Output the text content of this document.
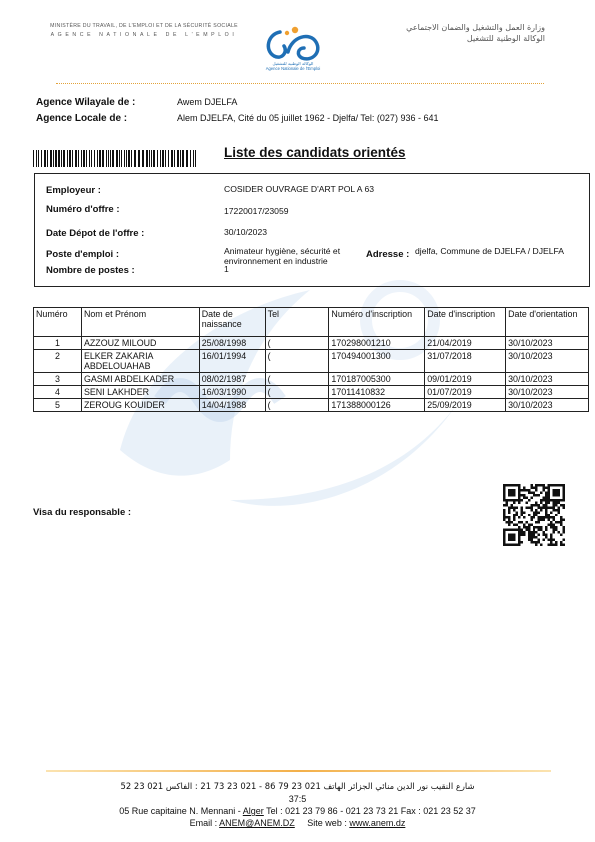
MINISTÈRE DU TRAVAIL, DE L'EMPLOI ET DE LA SÉCURITÉ SOCIALE
AGENCE NATIONALE DE L'EMPLOI
الوكالة الوطنية للتشغيل
Agence Nationale de l'Emploi
وزارة العمل والتشغيل والضمان الاجتماعي
الوكالة الوطنية للتشغيل
Agence Wilayale de :	Awem DJELFA
Agence Locale de :	Alem DJELFA, Cité du 05 juillet 1962 - Djelfa/ Tel: (027) 936 - 641
Liste des candidats orientés
Employeur :	COSIDER OUVRAGE D'ART POL A 63
Numéro d'offre :	17220017/23059
Date Dépot de l'offre :	30/10/2023
Poste d'emploi :	Animateur hygiène, sécurité et environnement en industrie
Nombre de postes :	1
Adresse : djelfa, Commune de DJELFA / DJELFA
Numéro	Nom et Prénom	Date de naissance	Tel	Numéro d'inscription	Date d'inscription	Date d'orientation
1	AZZOUZ MILOUD	25/08/1998	(	170298001210	21/04/2019	30/10/2023
2	ELKER ZAKARIA ABDELOUAHAB	16/01/1994	(	170494001300	31/07/2018	30/10/2023
3	GASMI ABDELKADER	08/02/1987	(	170187005300	09/01/2019	30/10/2023
4	SENI LAKHDER	16/03/1990	(	17011410832	01/07/2019	30/10/2023
5	ZEROUG KOUIDER	14/04/1988	(	171388000126	25/09/2019	30/10/2023
Visa du responsable :
شارع النقيب نور الدين منائي الجزائر الهاتف 021 23 79 86 - 021 23 73 21 : الفاكس 021 23 52
37:5
05 Rue capitaine N. Mennani - Alger Tel : 021 23 79 86 - 021 23 73 21 Fax : 021 23 52 37
Email : ANEM@ANEM.DZ     Site web : www.anem.dz
